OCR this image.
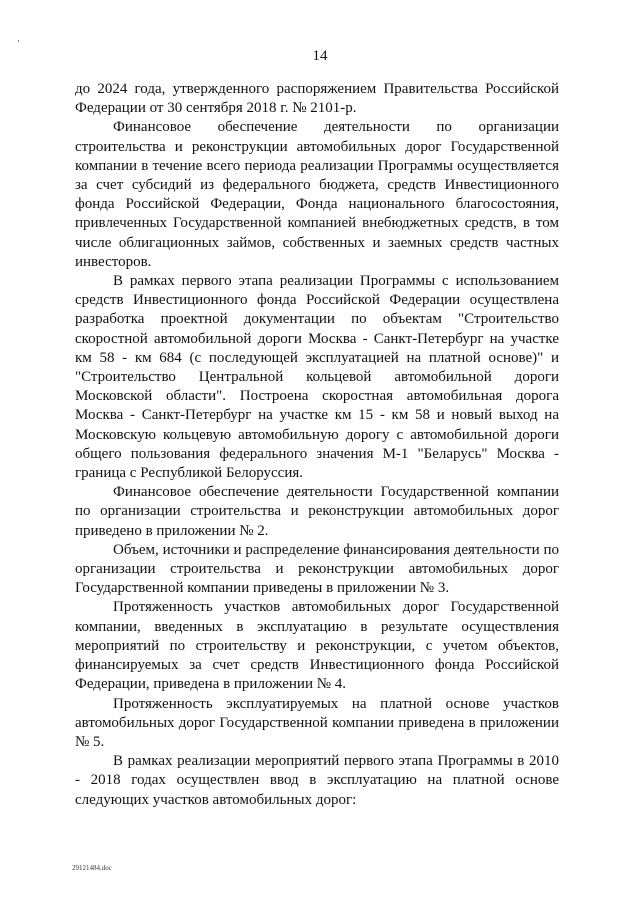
14

до 2024 года, утвержденного распоряжением Правительства Российской Федерации от 30 сентября 2018 г. № 2101-р.

Финансовое обеспечение деятельности по организации строительства и реконструкции автомобильных дорог Государственной компании в течение всего периода реализации Программы осуществляется за счет субсидий из федерального бюджета, средств Инвестиционного фонда Российской Федерации, Фонда национального благосостояния, привлеченных Государственной компанией внебюджетных средств, в том числе облигационных займов, собственных и заемных средств частных инвесторов.

В рамках первого этапа реализации Программы с использованием средств Инвестиционного фонда Российской Федерации осуществлена разработка проектной документации по объектам "Строительство скоростной автомобильной дороги Москва - Санкт-Петербург на участке км 58 - км 684 (с последующей эксплуатацией на платной основе)" и "Строительство Центральной кольцевой автомобильной дороги Московской области". Построена скоростная автомобильная дорога Москва - Санкт-Петербург на участке км 15 - км 58 и новый выход на Московскую кольцевую автомобильную дорогу с автомобильной дороги общего пользования федерального значения М-1 "Беларусь" Москва - граница с Республикой Белоруссия.

Финансовое обеспечение деятельности Государственной компании по организации строительства и реконструкции автомобильных дорог приведено в приложении № 2.

Объем, источники и распределение финансирования деятельности по организации строительства и реконструкции автомобильных дорог Государственной компании приведены в приложении № 3.

Протяженность участков автомобильных дорог Государственной компании, введенных в эксплуатацию в результате осуществления мероприятий по строительству и реконструкции, с учетом объектов, финансируемых за счет средств Инвестиционного фонда Российской Федерации, приведена в приложении № 4.

Протяженность эксплуатируемых на платной основе участков автомобильных дорог Государственной компании приведена в приложении № 5.

В рамках реализации мероприятий первого этапа Программы в 2010 - 2018 годах осуществлен ввод в эксплуатацию на платной основе следующих участков автомобильных дорог:

29121484.doc
